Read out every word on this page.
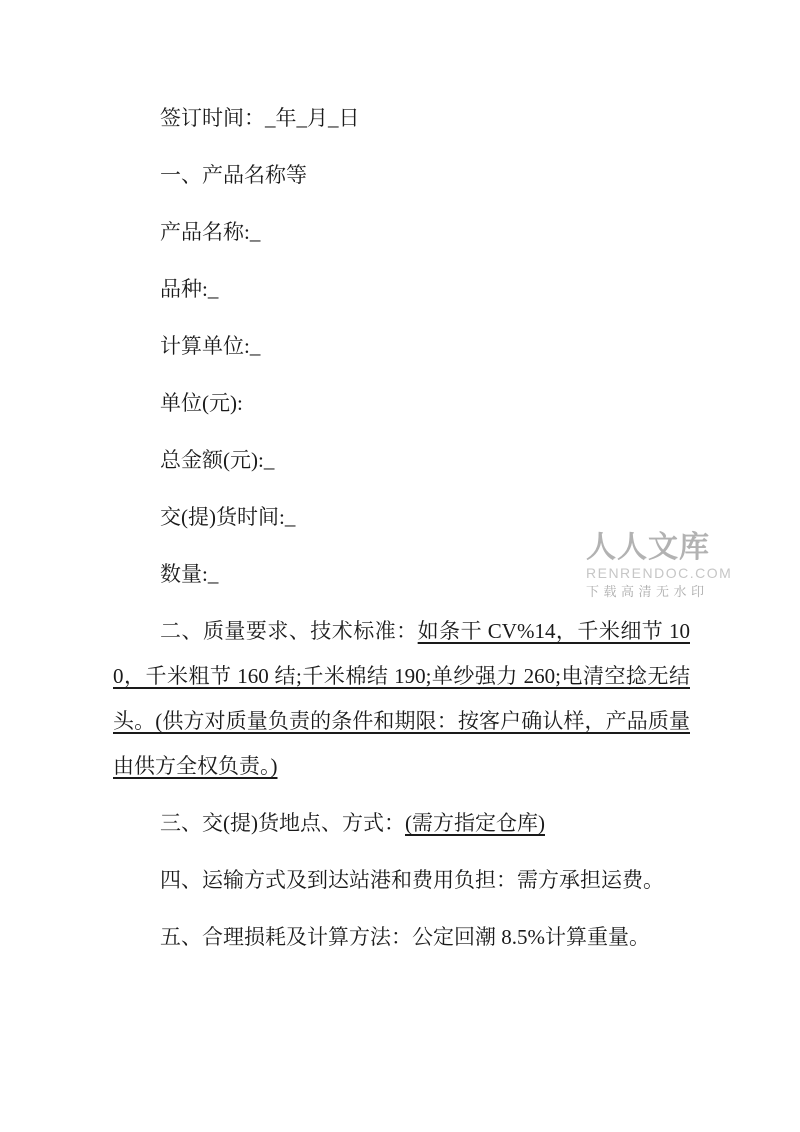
签订时间：_年_月_日

一、产品名称等

产品名称:_

品种:_

计算单位:_

单位(元):

总金额(元):_

交(提)货时间:_

数量:_

二、质量要求、技术标准：如条干 CV%14，千米细节 100，千米粗节 160 结;千米棉结 190;单纱强力 260;电清空捻无结头。(供方对质量负责的条件和期限：按客户确认样，产品质量由供方全权负责。)

三、交(提)货地点、方式：(需方指定仓库)

四、运输方式及到达站港和费用负担：需方承担运费。

五、合理损耗及计算方法：公定回潮 8.5%计算重量。

人人文库
RENRENDOC.COM
下载高清无水印
